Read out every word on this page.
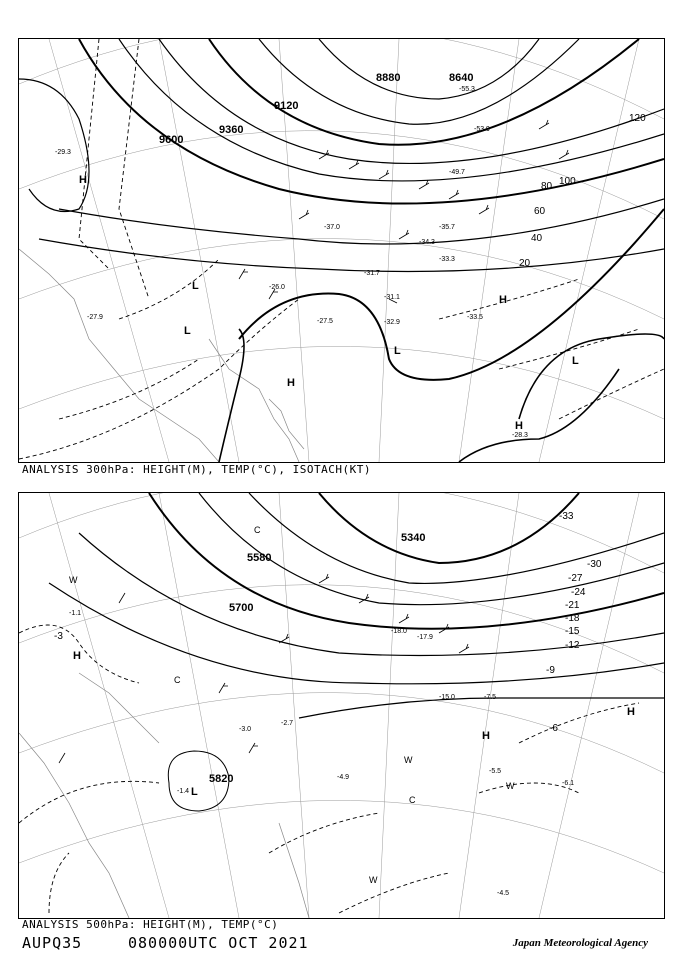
9600
9360
9120
8880	8640
20
40
60
80 100
120
H
H
H
H
L
L
L
L
-29.3
-27.9
-31.1
-33.5
-28.3
-35.7
-34.3
-33.3
-31.7
-26.0
-27.5	-32.9
-37.0
-49.7
-53.9
-55.3
ANALYSIS 300hPa: HEIGHT(M), TEMP(°C), ISOTACH(KT)
5580
5700
5340
5820
-33
-30
-27
-24
-21
-18
-15
-12
-9
-6
-3
H
H
H
L
W
W
W
W
C
C
C
-18.0
-17.9
-15.0	-7.5
-5.5
-6.1
-4.5
-2.7
-3.0
-4.9
-1.1
-1.4
ANALYSIS 500hPa: HEIGHT(M), TEMP(°C)
AUPQ35	080000UTC OCT 2021	Japan Meteorological Agency
